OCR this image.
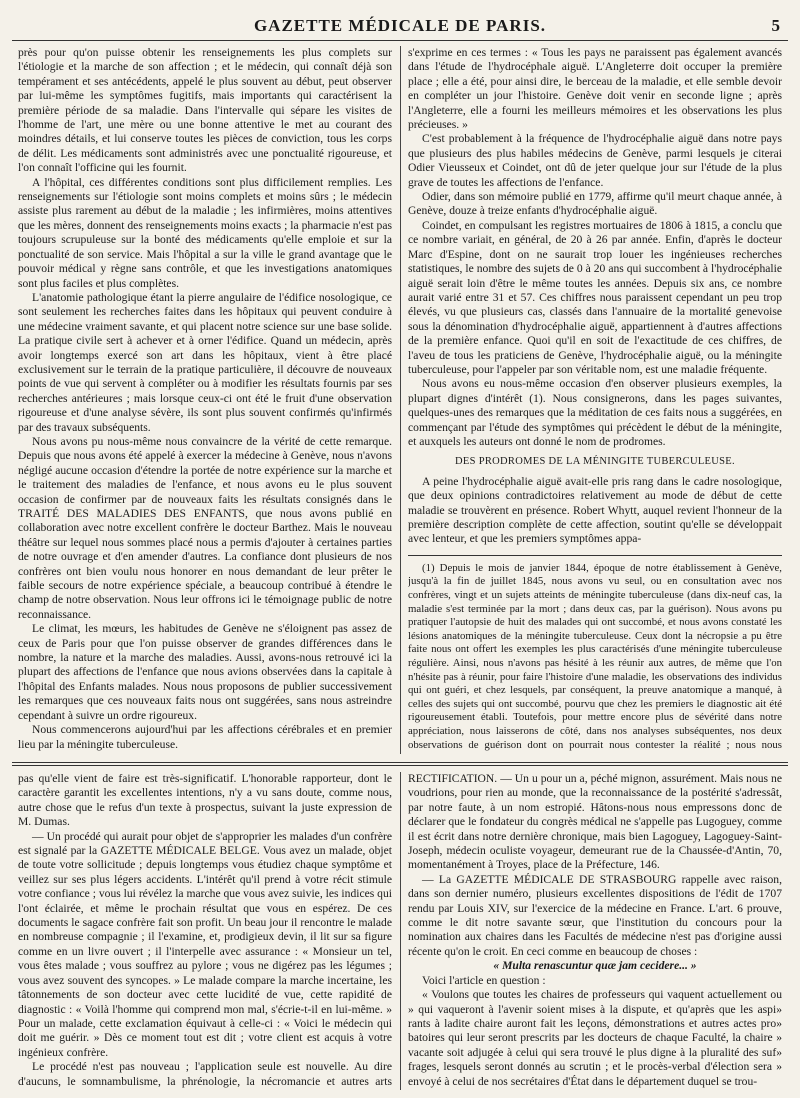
GAZETTE MÉDICALE DE PARIS.	5

près pour qu'on puisse obtenir les renseignements les plus complets sur l'étiologie et la marche de son affection ; et le médecin, qui connaît déjà son tempérament et ses antécédents, appelé le plus souvent au début, peut observer par lui-même les symptômes fugitifs, mais importants qui caractérisent la première période de sa maladie. Dans l'intervalle qui sépare les visites de l'homme de l'art, une mère ou une bonne attentive le met au courant des moindres détails, et lui conserve toutes les pièces de conviction, tous les corps de délit. Les médicaments sont administrés avec une ponctualité rigoureuse, et l'on connaît l'officine qui les fournit.

A l'hôpital, ces différentes conditions sont plus difficilement remplies. Les renseignements sur l'étiologie sont moins complets et moins sûrs ; le médecin assiste plus rarement au début de la maladie ; les infirmières, moins attentives que les mères, donnent des renseignements moins exacts ; la pharmacie n'est pas toujours scrupuleuse sur la bonté des médicaments qu'elle emploie et sur la ponctualité de son service. Mais l'hôpital a sur la ville le grand avantage que le pouvoir médical y règne sans contrôle, et que les investigations anatomiques sont plus faciles et plus complètes.

L'anatomie pathologique étant la pierre angulaire de l'édifice nosologique, ce sont seulement les recherches faites dans les hôpitaux qui peuvent conduire à une médecine vraiment savante, et qui placent notre science sur une base solide. La pratique civile sert à achever et à orner l'édifice. Quand un médecin, après avoir longtemps exercé son art dans les hôpitaux, vient à être placé exclusivement sur le terrain de la pratique particulière, il découvre de nouveaux points de vue qui servent à compléter ou à modifier les résultats fournis par ses recherches antérieures ; mais lorsque ceux-ci ont été le fruit d'une observation rigoureuse et d'une analyse sévère, ils sont plus souvent confirmés qu'infirmés par des travaux subséquents.

Nous avons pu nous-même nous convaincre de la vérité de cette remarque. Depuis que nous avons été appelé à exercer la médecine à Genève, nous n'avons négligé aucune occasion d'étendre la portée de notre expérience sur la marche et le traitement des maladies de l'enfance, et nous avons eu le plus souvent occasion de confirmer par de nouveaux faits les résultats consignés dans le TRAITÉ DES MALADIES DES ENFANTS, que nous avons publié en collaboration avec notre excellent confrère le docteur Barthez. Mais le nouveau théâtre sur lequel nous sommes placé nous a permis d'ajouter à certaines parties de notre ouvrage et d'en amender d'autres. La confiance dont plusieurs de nos confrères ont bien voulu nous honorer en nous demandant de leur prêter le faible secours de notre expérience spéciale, a beaucoup contribué à étendre le champ de notre observation. Nous leur offrons ici le témoignage public de notre reconnaissance.

Le climat, les mœurs, les habitudes de Genève ne s'éloignent pas assez de ceux de Paris pour que l'on puisse observer de grandes différences dans le nombre, la nature et la marche des maladies. Aussi, avons-nous retrouvé ici la plupart des affections de l'enfance que nous avions observées dans la capitale à l'hôpital des Enfants malades. Nous nous proposons de publier successivement les remarques que ces nouveaux faits nous ont suggérées, sans nous astreindre cependant à suivre un ordre rigoureux.

Nous commencerons aujourd'hui par les affections cérébrales et en premier lieu par la méningite tuberculeuse.

s'exprime en ces termes : « Tous les pays ne paraissent pas également avancés dans l'étude de l'hydrocéphale aiguë. L'Angleterre doit occuper la première place ; elle a été, pour ainsi dire, le berceau de la maladie, et elle semble devoir en compléter un jour l'histoire. Genève doit venir en seconde ligne ; après l'Angleterre, elle a fourni les meilleurs mémoires et les observations les plus précieuses. »

C'est probablement à la fréquence de l'hydrocéphalie aiguë dans notre pays que plusieurs des plus habiles médecins de Genève, parmi lesquels je citerai Odier Vieusseux et Coindet, ont dû de jeter quelque jour sur l'étude de la plus grave de toutes les affections de l'enfance.

Odier, dans son mémoire publié en 1779, affirme qu'il meurt chaque année, à Genève, douze à treize enfants d'hydrocéphalie aiguë.

Coindet, en compulsant les registres mortuaires de 1806 à 1815, a conclu que ce nombre variait, en général, de 20 à 26 par année. Enfin, d'après le docteur Marc d'Espine, dont on ne saurait trop louer les ingénieuses recherches statistiques, le nombre des sujets de 0 à 20 ans qui succombent à l'hydrocéphalie aiguë serait loin d'être le même toutes les années. Depuis six ans, ce nombre aurait varié entre 31 et 57. Ces chiffres nous paraissent cependant un peu trop élevés, vu que plusieurs cas, classés dans l'annuaire de la mortalité genevoise sous la dénomination d'hydrocéphalie aiguë, appartiennent à d'autres affections de la première enfance. Quoi qu'il en soit de l'exactitude de ces chiffres, de l'aveu de tous les praticiens de Genève, l'hydrocéphalie aiguë, ou la méningite tuberculeuse, pour l'appeler par son véritable nom, est une maladie fréquente.

Nous avons eu nous-même occasion d'en observer plusieurs exemples, la plupart dignes d'intérêt (1). Nous consignerons, dans les pages suivantes, quelques-unes des remarques que la méditation de ces faits nous a suggérées, en commençant par l'étude des symptômes qui précèdent le début de la méningite, et auxquels les auteurs ont donné le nom de prodromes.

DES PRODROMES DE LA MÉNINGITE TUBERCULEUSE.

A peine l'hydrocéphalie aiguë avait-elle pris rang dans le cadre nosologique, que deux opinions contradictoires relativement au mode de début de cette maladie se trouvèrent en présence. Robert Whytt, auquel revient l'honneur de la première description complète de cette affection, soutint qu'elle se développait avec lenteur, et que les premiers symptômes appa-

(1) Depuis le mois de janvier 1844, époque de notre établissement à Genève, jusqu'à la fin de juillet 1845, nous avons vu seul, ou en consultation avec nos confrères, vingt et un sujets atteints de méningite tuberculeuse (dans dix-neuf cas, la maladie s'est terminée par la mort ; dans deux cas, par la guérison). Nous avons pu pratiquer l'autopsie de huit des malades qui ont succombé, et nous avons constaté les lésions anatomiques de la méningite tuberculeuse. Ceux dont la nécropsie a pu être faite nous ont offert les exemples les plus caractérisés d'une méningite tuberculeuse régulière. Ainsi, nous n'avons pas hésité à les réunir aux autres, de même que l'on n'hésite pas à réunir, pour faire l'histoire d'une maladie, les observations des individus qui ont guéri, et chez lesquels, par conséquent, la preuve anatomique a manqué, à celles des sujets qui ont succombé, pourvu que chez les premiers le diagnostic ait été rigoureusement établi. Toutefois, pour mettre encore plus de sévérité dans notre appréciation, nous laisserons de côté, dans nos analyses subséquentes, nos deux observations de guérison dont on pourrait nous contester la réalité ; nous nous

pas qu'elle vient de faire est très-significatif. L'honorable rapporteur, dont le caractère garantit les excellentes intentions, n'y a vu sans doute, comme nous, autre chose que le refus d'un texte à prospectus, suivant la juste expression de M. Dumas.

— Un procédé qui aurait pour objet de s'approprier les malades d'un confrère est signalé par la GAZETTE MÉDICALE BELGE. Vous avez un malade, objet de toute votre sollicitude ; depuis longtemps vous étudiez chaque symptôme et veillez sur ses plus légers accidents. L'intérêt qu'il prend à votre récit stimule votre confiance ; vous lui révélez la marche que vous avez suivie, les indices qui l'ont éclairée, et même le prochain résultat que vous en espérez. De ces documents le sagace confrère fait son profit. Un beau jour il rencontre le malade en nombreuse compagnie ; il l'examine, et, prodigieux devin, il lit sur sa figure comme en un livre ouvert ; il l'interpelle avec assurance : « Monsieur un tel, vous êtes malade ; vous souffrez au pylore ; vous ne digérez pas les légumes ; vous avez souvent des syncopes. » Le malade compare la marche incertaine, les tâtonnements de son docteur avec cette lucidité de vue, cette rapidité de diagnostic : « Voilà l'homme qui comprend mon mal, s'écrie-t-il en lui-même. » Pour un malade, cette exclamation équivaut à celle-ci : « Voici le médecin qui doit me guérir. » Dès ce moment tout est dit ; votre client est acquis à votre ingénieux confrère.

Le procédé n'est pas nouveau ; l'application seule est nouvelle. Au dire d'aucuns, le somnambulisme, la phrénologie, la nécromancie et autres arts

RECTIFICATION. — Un u pour un a, péché mignon, assurément. Mais nous ne voudrions, pour rien au monde, que la reconnaissance de la postérité s'adressât, par notre faute, à un nom estropié. Hâtons-nous nous empressons donc de déclarer que le fondateur du congrès médical ne s'appelle pas Lugoguey, comme il est écrit dans notre dernière chronique, mais bien Lagoguey, Lagoguey-Saint-Joseph, médecin oculiste voyageur, demeurant rue de la Chaussée-d'Antin, 70, momentanément à Troyes, place de la Préfecture, 146.

— La GAZETTE MÉDICALE DE STRASBOURG rappelle avec raison, dans son dernier numéro, plusieurs excellentes dispositions de l'édit de 1707 rendu par Louis XIV, sur l'exercice de la médecine en France. L'art. 6 prouve, comme le dit notre savante sœur, que l'institution du concours pour la nomination aux chaires dans les Facultés de médecine n'est pas d'origine aussi récente qu'on le croit. En ceci comme en beaucoup de choses :

« Multa renascuntur quæ jam cecidere... »

Voici l'article en question :

« Voulons que toutes les chaires de professeurs qui vaquent actuellement ou » qui vaqueront à l'avenir soient mises à la dispute, et qu'après que les aspi» rants à ladite chaire auront fait les leçons, démonstrations et autres actes pro» batoires qui leur seront prescrits par les docteurs de chaque Faculté, la chaire » vacante soit adjugée à celui qui sera trouvé le plus digne à la pluralité des suf» frages, lesquels seront donnés au scrutin ; et le procès-verbal d'élection sera » envoyé à celui de nos secrétaires d'État dans le département duquel se trou-
